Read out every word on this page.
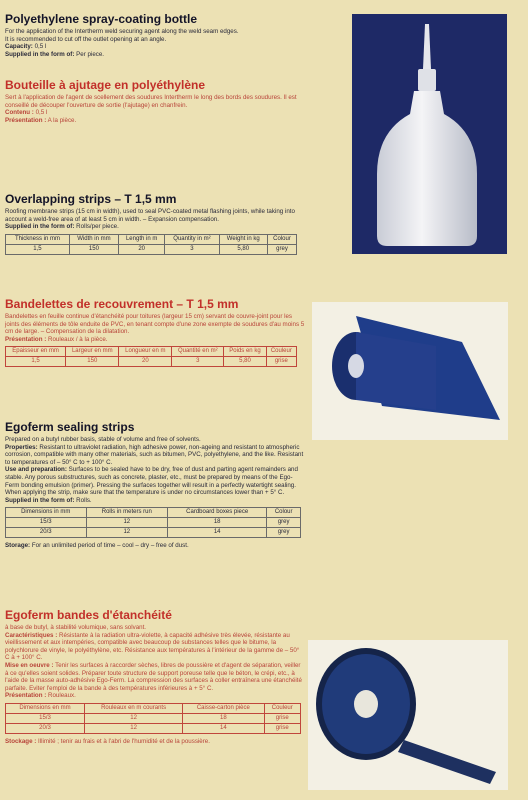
Polyethylene spray-coating bottle

For the application of the Intertherm weld securing agent along the weld seam edges.

It is recommended to cut off the outlet opening at an angle.

Capacity: 0,5 l

Supplied in the form of: Per piece.

Bouteille à ajutage en polyéthylène

Sert à l'application de l'agent de scellement des soudures Intertherm le long des bords des soudures. Il est conseillé de découper l'ouverture de sortie (l'ajutage) en chanfrein.

Contenu : 0,5 l

Présentation : A la pièce.

Overlapping strips – T 1,5 mm

Roofing membrane strips (15 cm in width), used to seal PVC-coated metal flashing joints, while taking into account a weld-free area of at least 5 cm in width. – Expansion compensation.

Supplied in the form of: Rolls/per piece.

Thickness in mm	Width in mm	Length in m	Quantity in m²	Weight in kg	Colour
1,5	150	20	3	5,80	grey
Bandelettes de recouvrement – T 1,5 mm

Bandelettes en feuille continue d'étanchéité pour toitures (largeur 15 cm) servant de couvre-joint pour les joints des éléments de tôle enduite de PVC, en tenant compte d'une zone exempte de soudures d'au moins 5 cm de large. – Compensation de la dilatation.

Présentation : Rouleaux / à la pièce.

Epaisseur en mm	Largeur en mm	Longueur en m	Quantité en m²	Poids en kg	Couleur
1,5	150	20	3	5,80	grise
Egoferm sealing strips

Prepared on a butyl rubber basis, stable of volume and free of solvents.

Properties: Resistant to ultraviolet radiation, high adhesive power, non-ageing and resistant to atmospheric corrosion, compatible with many other materials, such as bitumen, PVC, polyethylene, and the like. Resistant to temperatures of – 50° C to + 100° C.

Use and preparation: Surfaces to be sealed have to be dry, free of dust and parting agent remainders and stable. Any porous substructures, such as concrete, plaster, etc., must be prepared by means of the Ego-Ferm bonding emulsion (primer). Pressing the surfaces together will result in a perfectly watertight sealing. When applying the strip, make sure that the temperature is under no circumstances lower than + 5° C.

Supplied in the form of: Rolls.

Dimensions in mm	Rolls in meters run	Cardboard boxes piece	Colour
15/3	12	18	grey
20/3	12	14	grey
Storage: For an unlimited period of time – cool – dry – free of dust.
Egoferm bandes d'étanchéité

à base de butyl, à stabilité volumique, sans solvant.

Caractéristiques : Résistante à la radiation ultra-violette, à capacité adhésive très élevée, résistante au vieillissement et aux intempéries, compatible avec beaucoup de substances telles que le bitume, la polychlorure de vinyle, le polyéthylène, etc. Résistance aux températures à l'intérieur de la gamme de – 50° C à + 100° C.

Mise en oeuvre : Tenir les surfaces à raccorder sèches, libres de poussière et d'agent de séparation, veiller à ce qu'elles soient solides. Préparer toute structure de support poreuse telle que le béton, le crépi, etc., à l'aide de la masse auto-adhésive Ego-Ferm. La compression des surfaces à coller entraînera une étanchéité parfaite. Eviter l'emploi de la bande à des températures inférieures à + 5° C.

Présentation : Rouleaux.

Dimensions en mm	Rouleaux en m courants	Caisse-carton pièce	Couleur
15/3	12	18	grise
20/3	12	14	grise
Stockage : Illimité ; tenir au frais et à l'abri de l'humidité et de la poussière.
